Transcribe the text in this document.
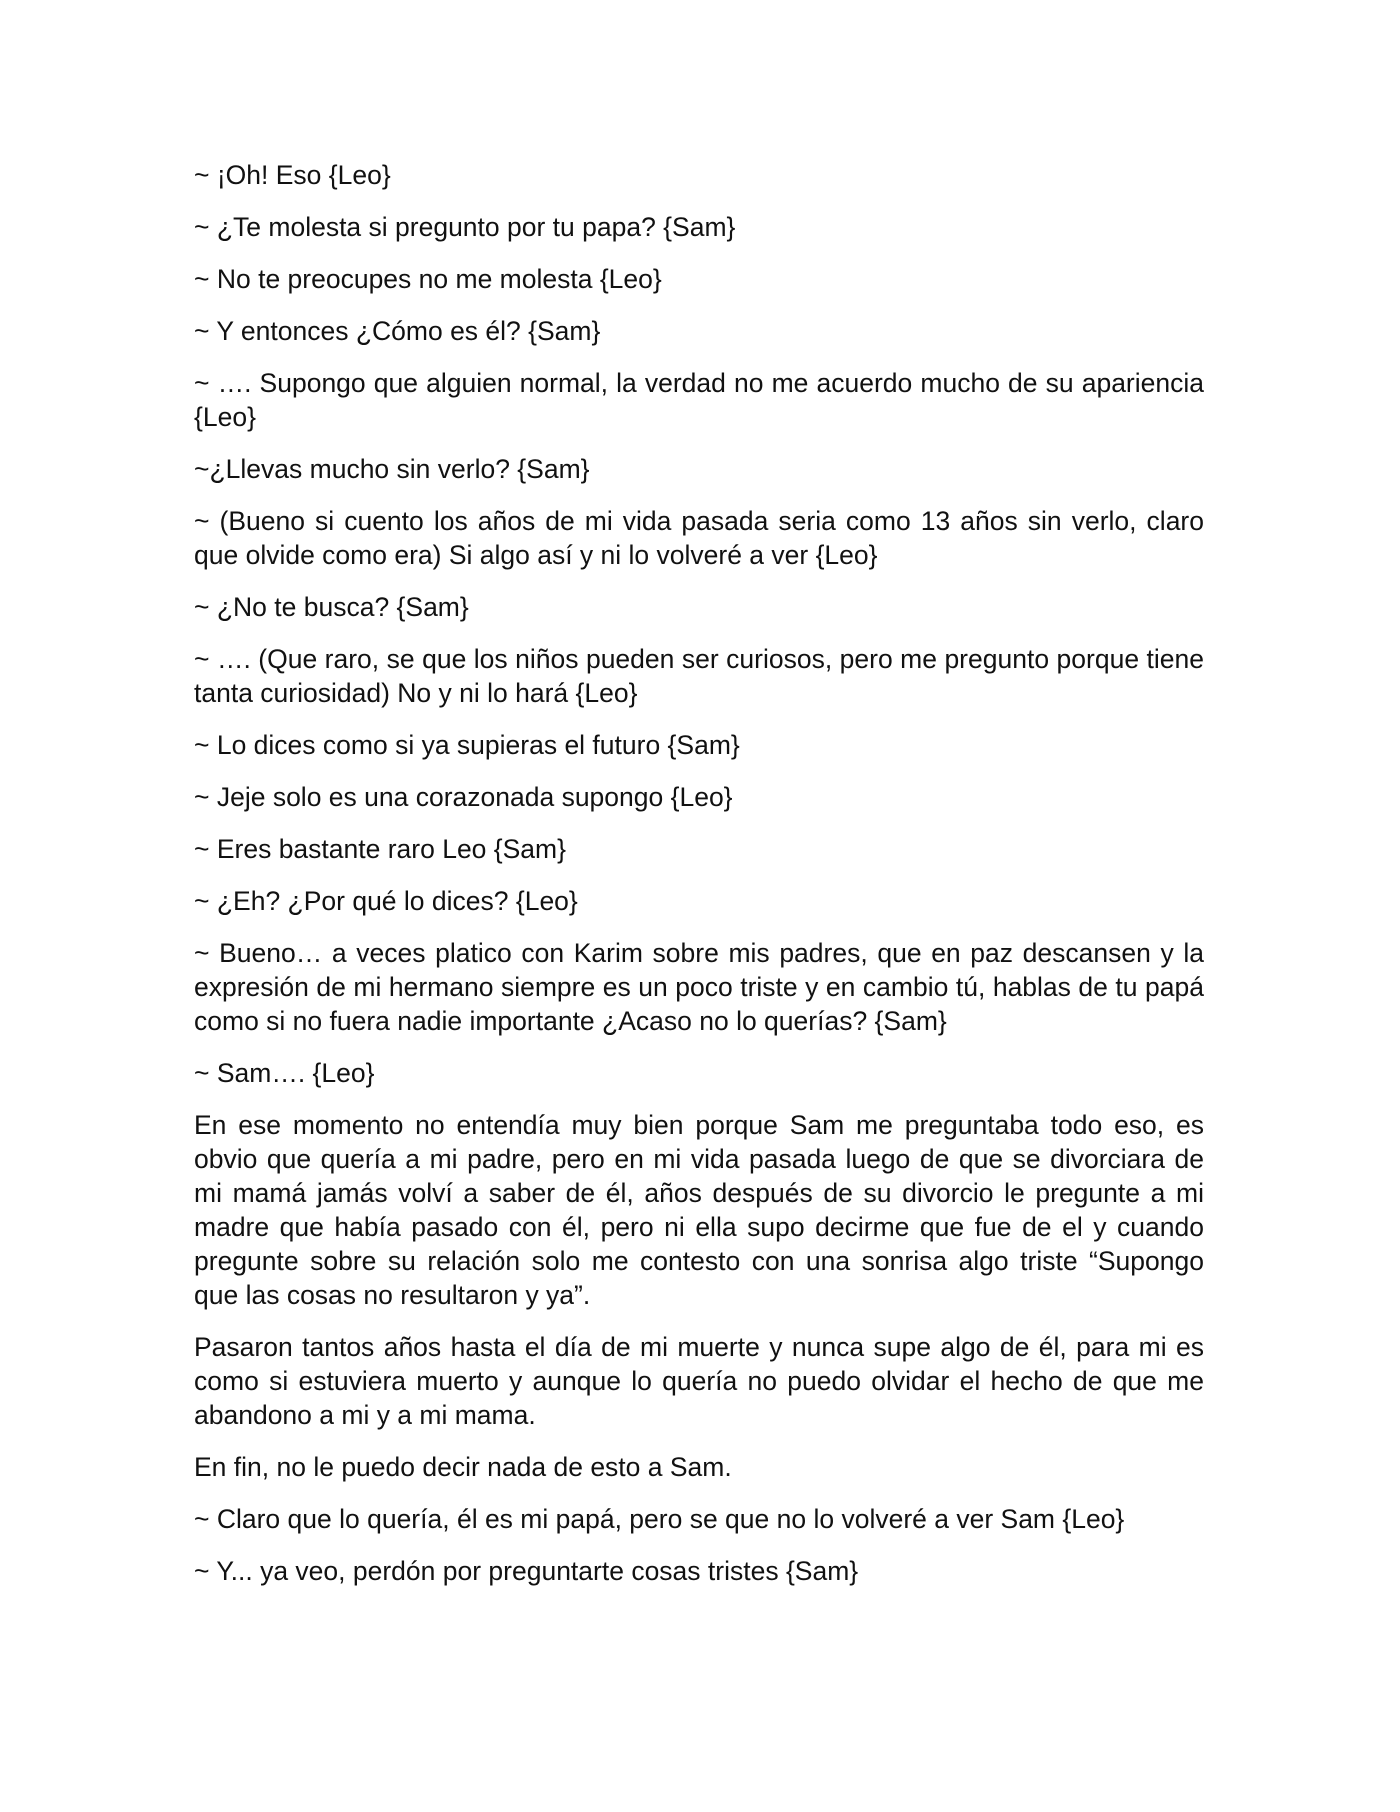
~ ¡Oh! Eso {Leo}

~ ¿Te molesta si pregunto por tu papa? {Sam}

~ No te preocupes no me molesta {Leo}

~ Y entonces ¿Cómo es él? {Sam}

~ …. Supongo que alguien normal, la verdad no me acuerdo mucho de su apariencia {Leo}

~¿Llevas mucho sin verlo? {Sam}

~ (Bueno si cuento los años de mi vida pasada seria como 13 años sin verlo, claro que olvide como era) Si algo así y ni lo volveré a ver {Leo}

~ ¿No te busca? {Sam}

~ …. (Que raro, se que los niños pueden ser curiosos, pero me pregunto porque tiene tanta curiosidad) No y ni lo hará {Leo}

~ Lo dices como si ya supieras el futuro {Sam}

~ Jeje solo es una corazonada supongo {Leo}

~ Eres bastante raro Leo {Sam}

~ ¿Eh? ¿Por qué lo dices? {Leo}

~ Bueno… a veces platico con Karim sobre mis padres, que en paz descansen y la expresión de mi hermano siempre es un poco triste y en cambio tú, hablas de tu papá como si no fuera nadie importante ¿Acaso no lo querías? {Sam}

~ Sam…. {Leo}

En ese momento no entendía muy bien porque Sam me preguntaba todo eso, es obvio que quería a mi padre, pero en mi vida pasada luego de que se divorciara de mi mamá jamás volví a saber de él, años después de su divorcio le pregunte a mi madre que había pasado con él, pero ni ella supo decirme que fue de el y cuando pregunte sobre su relación solo me contesto con una sonrisa algo triste “Supongo que las cosas no resultaron y ya”.

Pasaron tantos años hasta el día de mi muerte y nunca supe algo de él, para mi es como si estuviera muerto y aunque lo quería no puedo olvidar el hecho de que me abandono a mi y a mi mama.

En fin, no le puedo decir nada de esto a Sam.

~ Claro que lo quería, él es mi papá, pero se que no lo volveré a ver Sam {Leo}

~ Y... ya veo, perdón por preguntarte cosas tristes {Sam}
